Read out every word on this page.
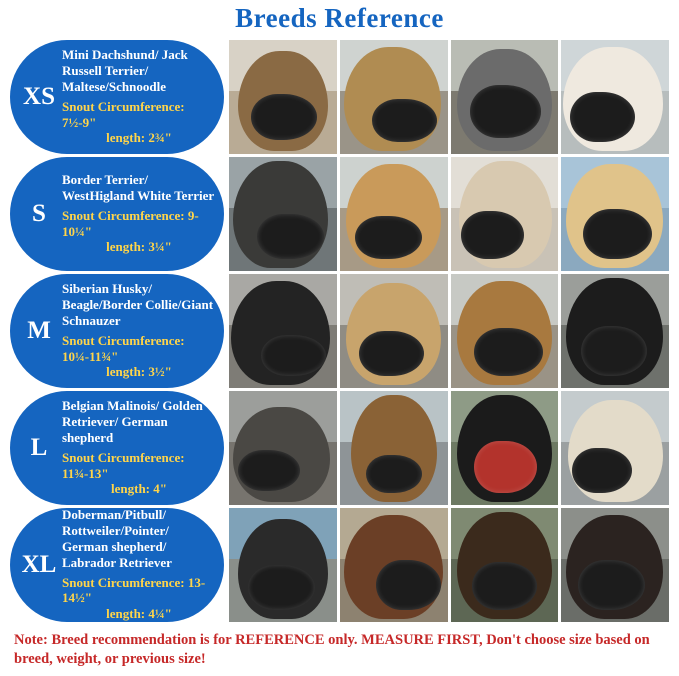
Breeds Reference
XS
Mini Dachshund/ Jack Russell Terrier/ Maltese/Schnoodle
Snout Circumference: 7½-9"
length: 2¾"
S
Border Terrier/ WestHigland White Terrier
Snout Circumference: 9-10¼"
length: 3¼"
M
Siberian Husky/ Beagle/Border Collie/Giant Schnauzer
Snout Circumference: 10¼-11¾"
length: 3½"
L
Belgian Malinois/ Golden Retriever/ German shepherd
Snout Circumference: 11¾-13"
length: 4"
XL
Doberman/Pitbull/ Rottweiler/Pointer/ German shepherd/ Labrador Retriever
Snout Circumference: 13-14½"
length: 4¼"
Note: Breed recommendation is for REFERENCE only. MEASURE FIRST, Don't choose size based on breed, weight, or previous size!
